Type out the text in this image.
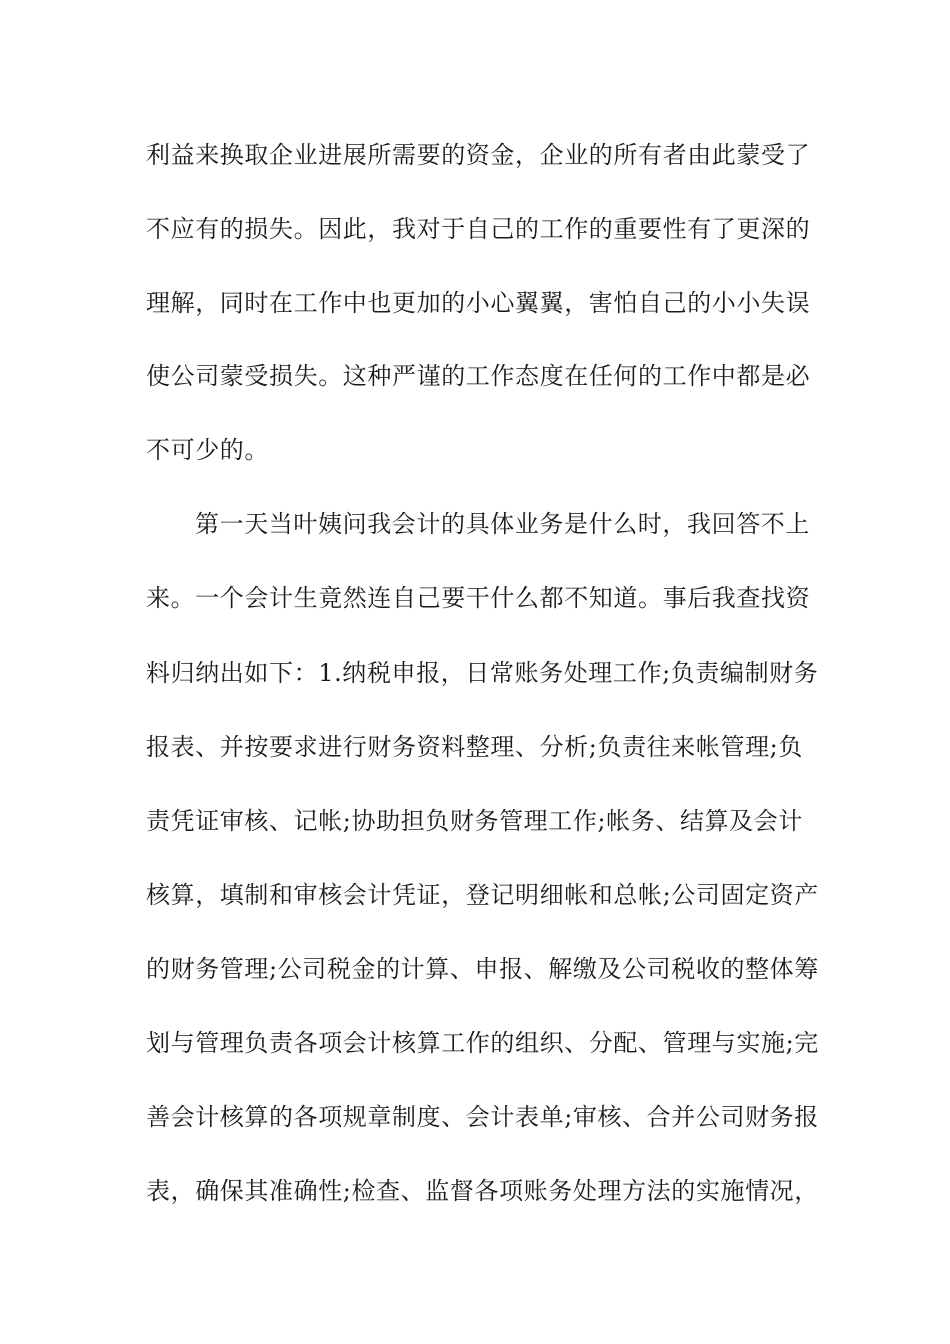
利益来换取企业进展所需要的资金，企业的所有者由此蒙受了
不应有的损失。因此，我对于自己的工作的重要性有了更深的
理解，同时在工作中也更加的小心翼翼，害怕自己的小小失误
使公司蒙受损失。这种严谨的工作态度在任何的工作中都是必
不可少的。
第一天当叶姨问我会计的具体业务是什么时，我回答不上
来。一个会计生竟然连自己要干什么都不知道。事后我查找资
料归纳出如下：1.纳税申报，日常账务处理工作;负责编制财务
报表、并按要求进行财务资料整理、分析;负责往来帐管理;负
责凭证审核、记帐;协助担负财务管理工作;帐务、结算及会计
核算，填制和审核会计凭证，登记明细帐和总帐;公司固定资产
的财务管理;公司税金的计算、申报、解缴及公司税收的整体筹
划与管理负责各项会计核算工作的组织、分配、管理与实施;完
善会计核算的各项规章制度、会计表单;审核、合并公司财务报
表，确保其准确性;检查、监督各项账务处理方法的实施情况，
